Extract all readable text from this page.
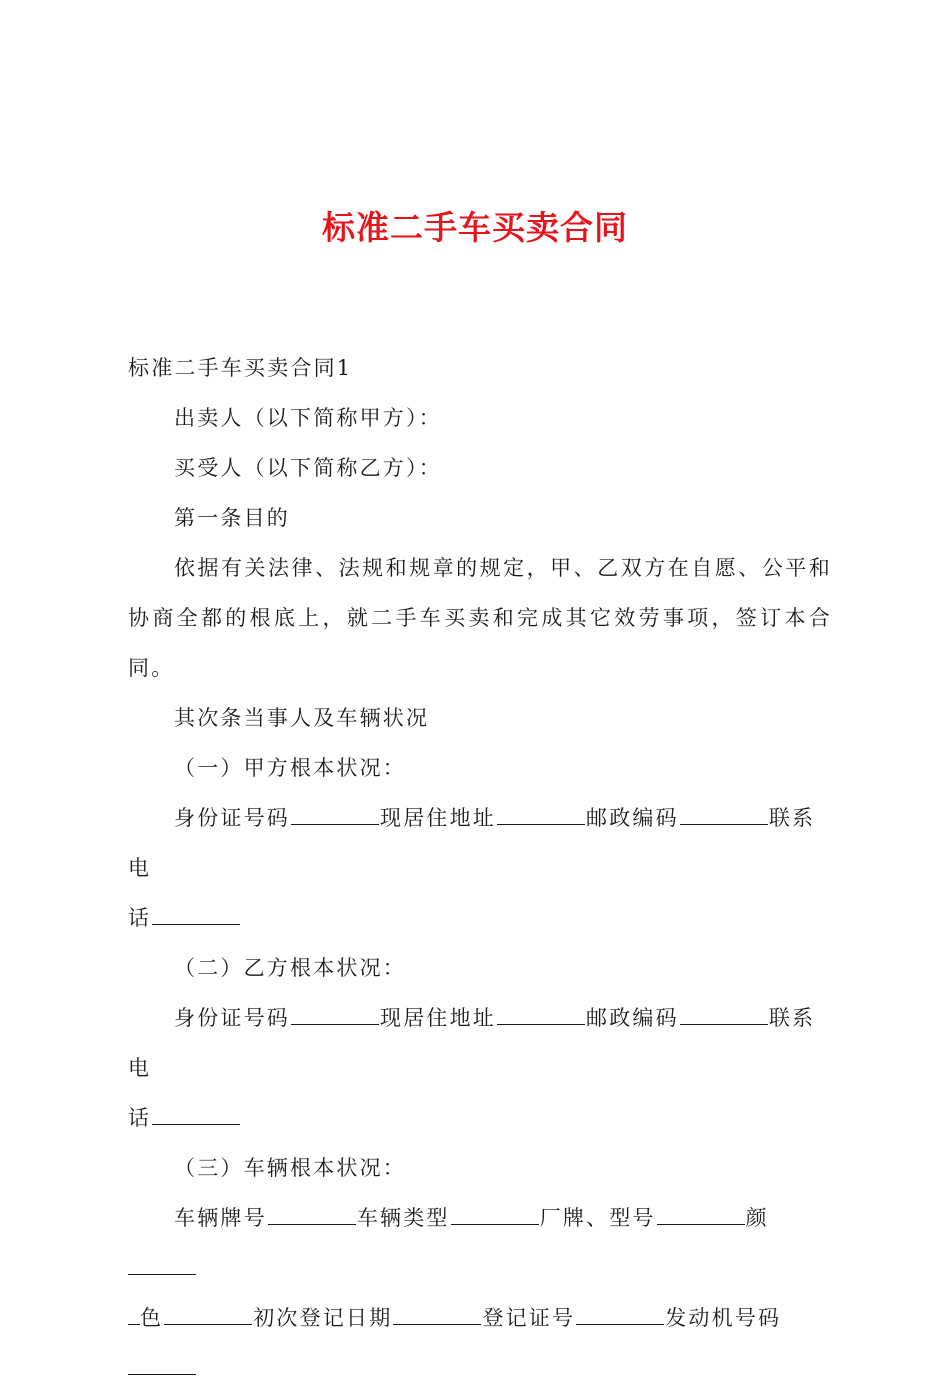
标准二手车买卖合同

标准二手车买卖合同1

出卖人（以下简称甲方）：

买受人（以下简称乙方）：

第一条目的

依据有关法律、法规和规章的规定，甲、乙双方在自愿、公平和协商全都的根底上，就二手车买卖和完成其它效劳事项，签订本合同。

其次条当事人及车辆状况

（一）甲方根本状况：

身份证号码	现居住地址	邮政编码	联系电

话

（二）乙方根本状况：

身份证号码	现居住地址	邮政编码	联系电

话

（三）车辆根本状况：

车辆牌号	车辆类型	厂牌、型号	颜

色	初次登记日期	登记证号	发动机号码
